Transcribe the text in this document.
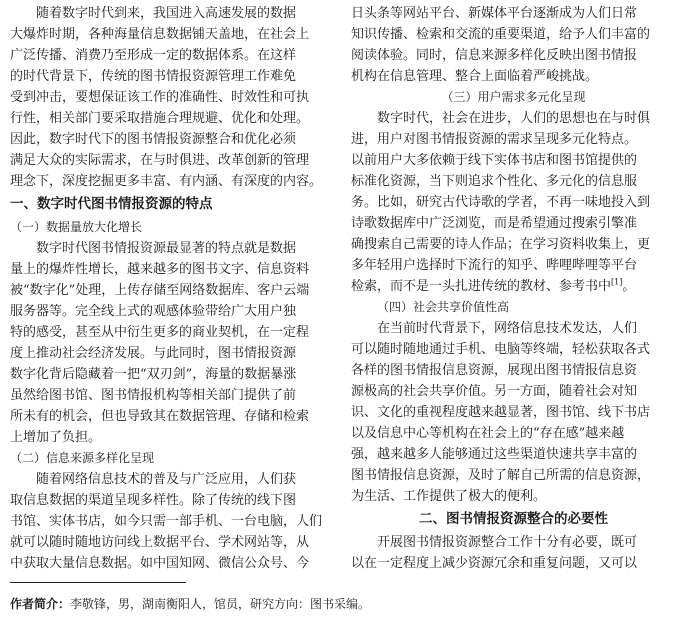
　　随着数字时代到来，我国进入高速发展的数据
大爆炸时期，各种海量信息数据铺天盖地，在社会上
广泛传播、消费乃至形成一定的数据体系。在这样
的时代背景下，传统的图书情报资源管理工作难免
受到冲击，要想保证该工作的准确性、时效性和可执
行性，相关部门要采取措施合理规避、优化和处理。
因此，数字时代下的图书情报资源整合和优化必须
满足大众的实际需求，在与时俱进、改革创新的管理
理念下，深度挖掘更多丰富、有内涵、有深度的内容。
一、数字时代图书情报资源的特点
（一）数据量放大化增长
　　数字时代图书情报资源最显著的特点就是数据
量上的爆炸性增长，越来越多的图书文字、信息资料
被“数字化”处理，上传存储至网络数据库、客户云端
服务器等。完全线上式的观感体验带给广大用户独
特的感受，甚至从中衍生更多的商业契机，在一定程
度上推动社会经济发展。与此同时，图书情报资源
数字化背后隐藏着一把“双刃剑”，海量的数据暴涨
虽然给图书馆、图书情报机构等相关部门提供了前
所未有的机会，但也导致其在数据管理、存储和检索
上增加了负担。
（二）信息来源多样化呈现
　　随着网络信息技术的普及与广泛应用，人们获
取信息数据的渠道呈现多样性。除了传统的线下图
书馆、实体书店，如今只需一部手机、一台电脑，人们
就可以随时随地访问线上数据平台、学术网站等，从
中获取大量信息数据。如中国知网、微信公众号、今
日头条等网站平台、新媒体平台逐渐成为人们日常
知识传播、检索和交流的重要渠道，给予人们丰富的
阅读体验。同时，信息来源多样化反映出图书情报
机构在信息管理、整合上面临着严峻挑战。
（三）用户需求多元化呈现
　　数字时代，社会在进步，人们的思想也在与时俱
进，用户对图书情报资源的需求呈现多元化特点。
以前用户大多依赖于线下实体书店和图书馆提供的
标准化资源，当下则追求个性化、多元化的信息服
务。比如，研究古代诗歌的学者，不再一味地投入到
诗歌数据库中广泛浏览，而是希望通过搜索引擎准
确搜索自己需要的诗人作品；在学习资料收集上，更
多年轻用户选择时下流行的知乎、哔哩哔哩等平台
检索，而不是一头扎进传统的教材、参考书中[1]。
（四）社会共享价值性高
　　在当前时代背景下，网络信息技术发达，人们
可以随时随地通过手机、电脑等终端，轻松获取各式
各样的图书情报信息资源，展现出图书情报信息资
源极高的社会共享价值。另一方面，随着社会对知
识、文化的重视程度越来越显著，图书馆、线下书店
以及信息中心等机构在社会上的“存在感”越来越
强，越来越多人能够通过这些渠道快速共享丰富的
图书情报信息资源，及时了解自己所需的信息资源，
为生活、工作提供了极大的便利。
二、图书情报资源整合的必要性
　　开展图书情报资源整合工作十分有必要，既可
以在一定程度上减少资源冗余和重复问题，又可以
作者简介：李敬锋，男，湖南衡阳人，馆员，研究方向：图书采编。
